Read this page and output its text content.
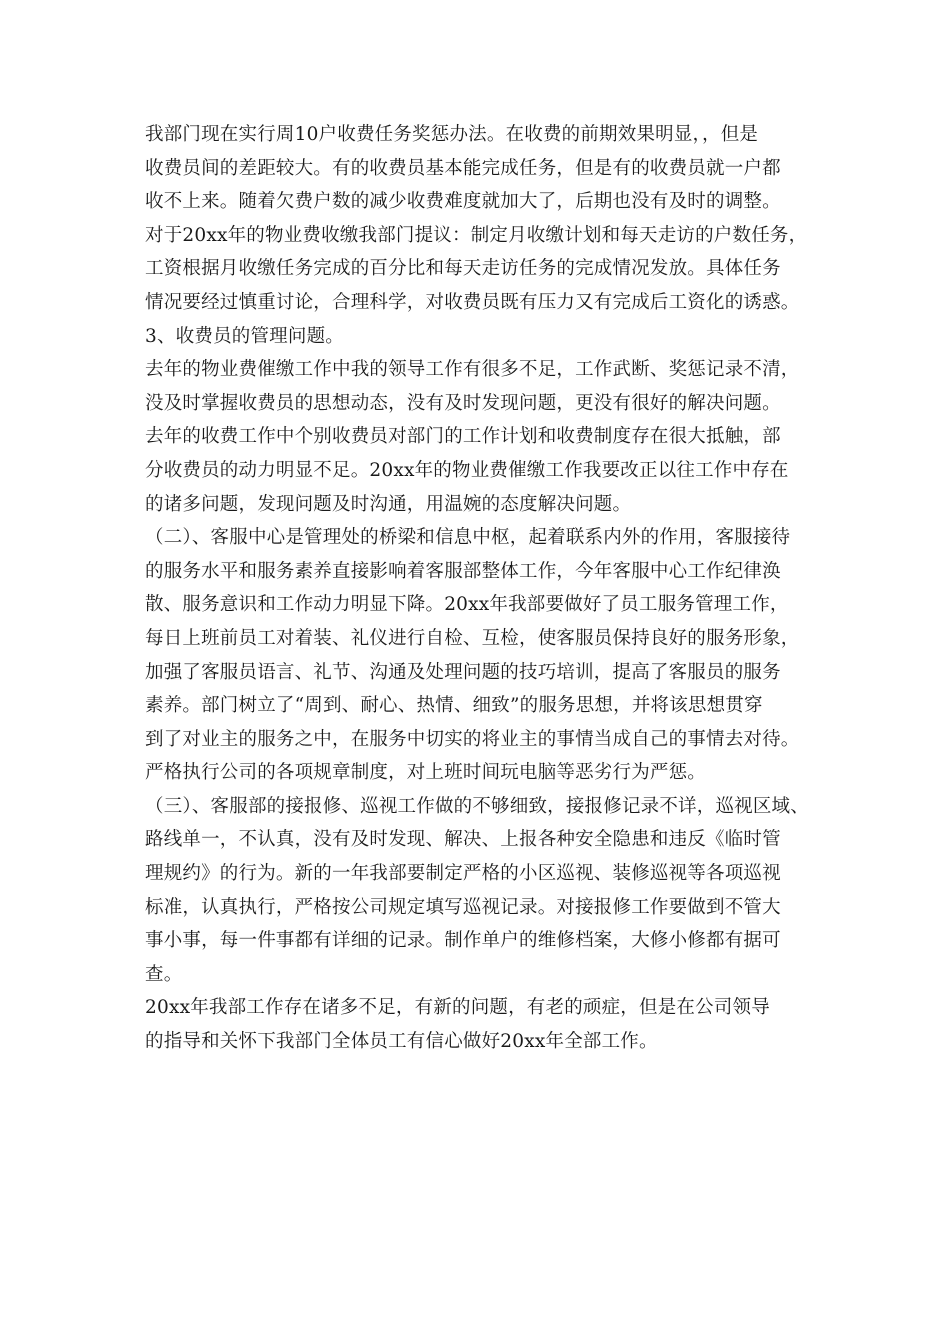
我部门现在实行周10户收费任务奖惩办法。在收费的前期效果明显，，但是
收费员间的差距较大。有的收费员基本能完成任务，但是有的收费员就一户都
收不上来。随着欠费户数的减少收费难度就加大了，后期也没有及时的调整。
对于20xx年的物业费收缴我部门提议：制定月收缴计划和每天走访的户数任务，
工资根据月收缴任务完成的百分比和每天走访任务的完成情况发放。具体任务
情况要经过慎重讨论，合理科学，对收费员既有压力又有完成后工资化的诱惑。
3、收费员的管理问题。
去年的物业费催缴工作中我的领导工作有很多不足，工作武断、奖惩记录不清，
没及时掌握收费员的思想动态，没有及时发现问题，更没有很好的解决问题。
去年的收费工作中个别收费员对部门的工作计划和收费制度存在很大抵触，部
分收费员的动力明显不足。20xx年的物业费催缴工作我要改正以往工作中存在
的诸多问题，发现问题及时沟通，用温婉的态度解决问题。
（二）、客服中心是管理处的桥梁和信息中枢，起着联系内外的作用，客服接待
的服务水平和服务素养直接影响着客服部整体工作，今年客服中心工作纪律涣
散、服务意识和工作动力明显下降。20xx年我部要做好了员工服务管理工作，
每日上班前员工对着装、礼仪进行自检、互检，使客服员保持良好的服务形象，
加强了客服员语言、礼节、沟通及处理问题的技巧培训，提高了客服员的服务
素养。部门树立了“周到、耐心、热情、细致”的服务思想，并将该思想贯穿
到了对业主的服务之中，在服务中切实的将业主的事情当成自己的事情去对待。
严格执行公司的各项规章制度，对上班时间玩电脑等恶劣行为严惩。
（三）、客服部的接报修、巡视工作做的不够细致，接报修记录不详，巡视区域、
路线单一，不认真，没有及时发现、解决、上报各种安全隐患和违反《临时管
理规约》的行为。新的一年我部要制定严格的小区巡视、装修巡视等各项巡视
标准，认真执行，严格按公司规定填写巡视记录。对接报修工作要做到不管大
事小事，每一件事都有详细的记录。制作单户的维修档案，大修小修都有据可
查。
20xx年我部工作存在诸多不足，有新的问题，有老的顽症，但是在公司领导
的指导和关怀下我部门全体员工有信心做好20xx年全部工作。
